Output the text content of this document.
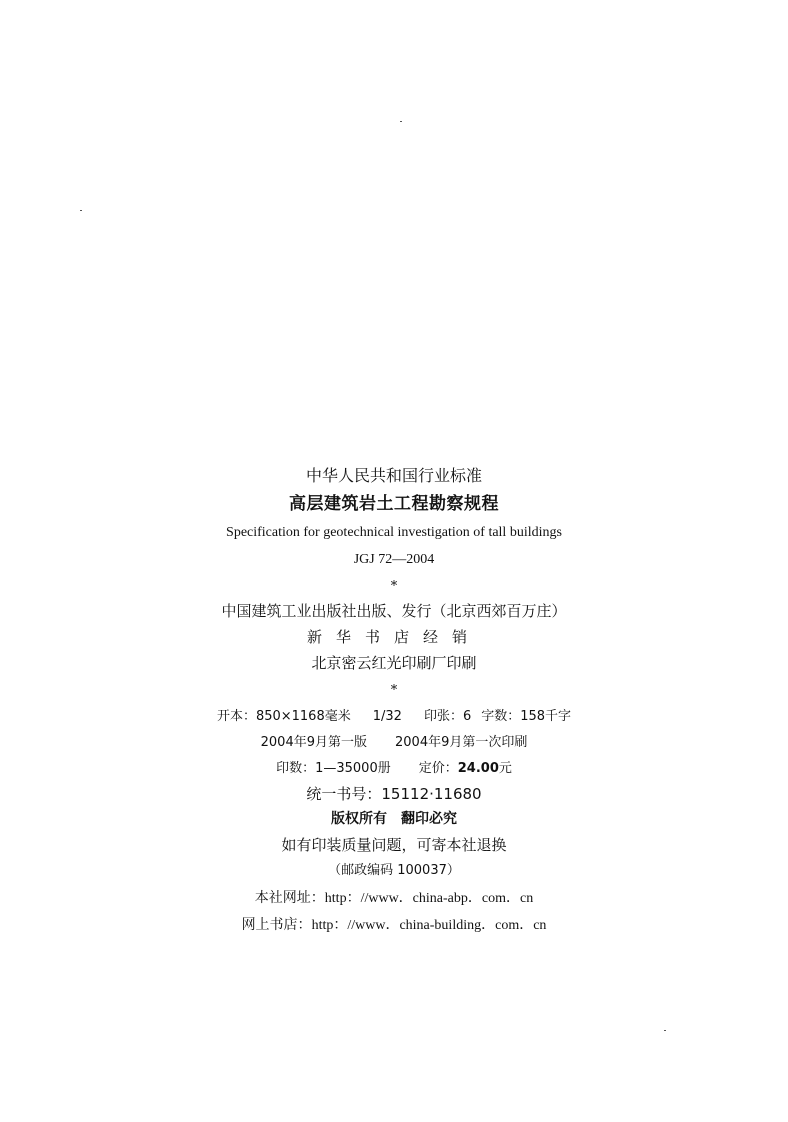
中华人民共和国行业标准
高层建筑岩土工程勘察规程
Specification for geotechnical investigation of tall buildings
JGJ 72—2004
*
中国建筑工业出版社出版、发行（北京西郊百万庄）
新华书店经销
北京密云红光印刷厂印刷
*
开本：850×1168毫米 1/32 印张：6 字数：158千字
2004年9月第一版 2004年9月第一次印刷
印数：1—35000册 定价：24.00元
统一书号：15112·11680
版权所有　翻印必究
如有印装质量问题，可寄本社退换
（邮政编码 100037）
本社网址：http：//www．china-abp．com．cn
网上书店：http：//www．china-building．com．cn
